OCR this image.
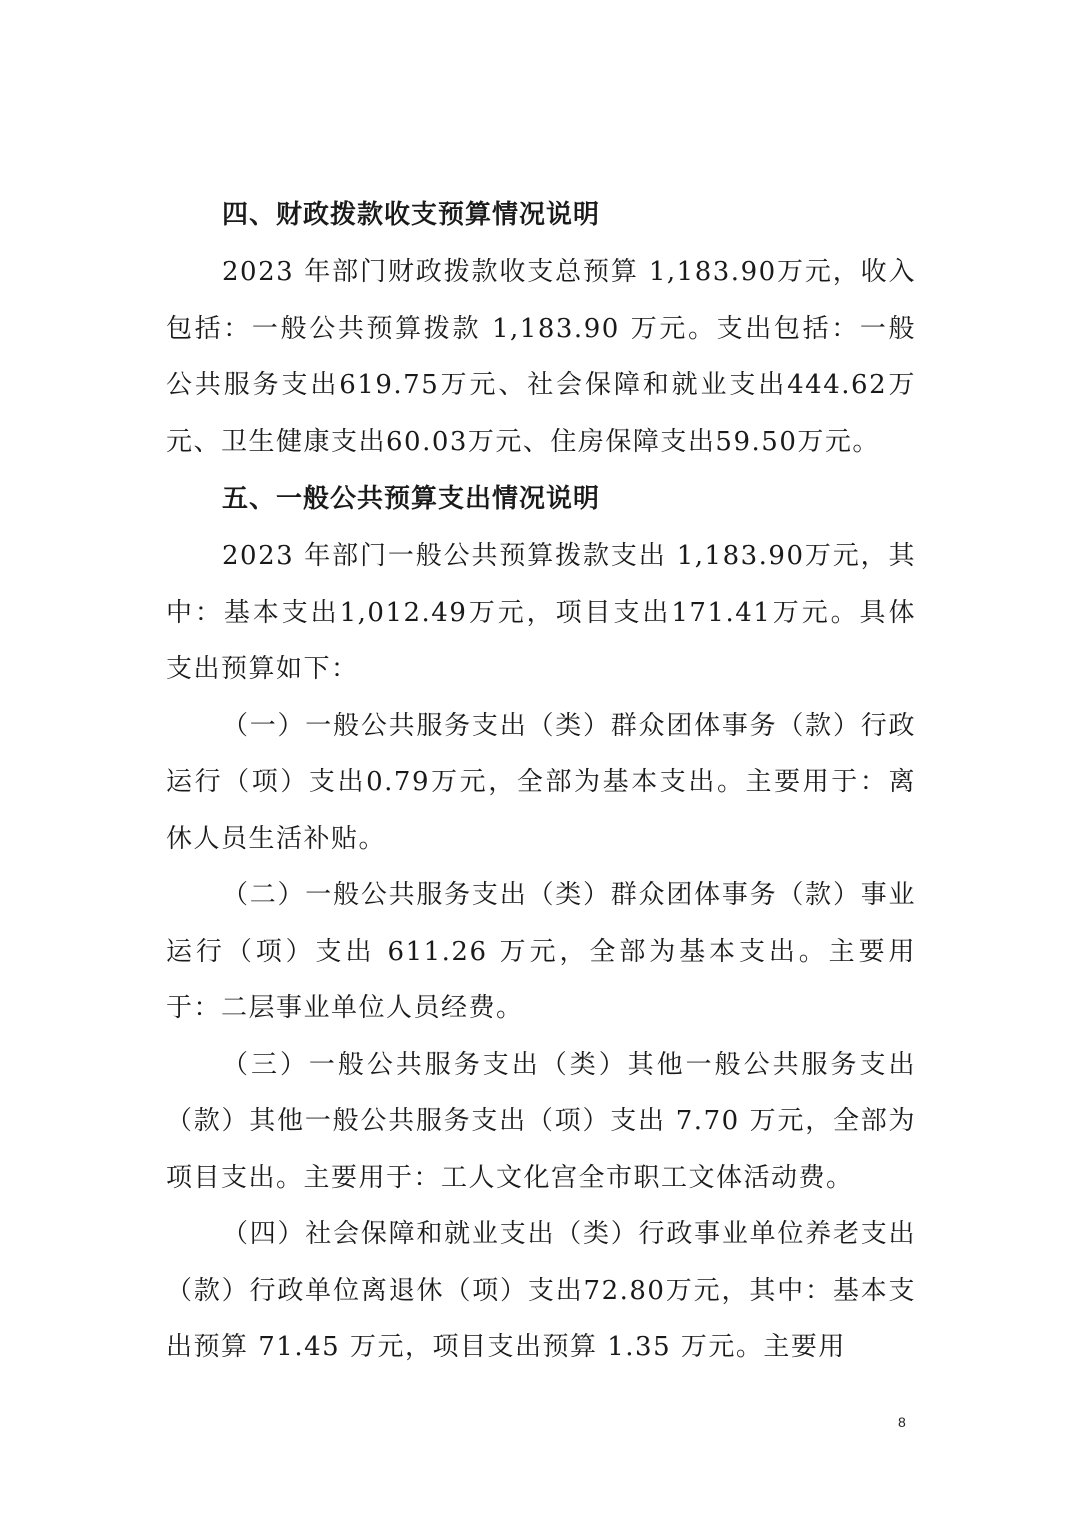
四、财政拨款收支预算情况说明

2023 年部门财政拨款收支总预算 1,183.90万元，收入包括：一般公共预算拨款 1,183.90 万元。支出包括：一般公共服务支出619.75万元、社会保障和就业支出444.62万元、卫生健康支出60.03万元、住房保障支出59.50万元。

五、一般公共预算支出情况说明

2023 年部门一般公共预算拨款支出 1,183.90万元，其中：基本支出1,012.49万元，项目支出171.41万元。具体支出预算如下：

（一）一般公共服务支出（类）群众团体事务（款）行政运行（项）支出0.79万元，全部为基本支出。主要用于：离休人员生活补贴。

（二）一般公共服务支出（类）群众团体事务（款）事业运行（项）支出 611.26 万元，全部为基本支出。主要用于：二层事业单位人员经费。

（三）一般公共服务支出（类）其他一般公共服务支出（款）其他一般公共服务支出（项）支出 7.70 万元，全部为项目支出。主要用于：工人文化宫全市职工文体活动费。

（四）社会保障和就业支出（类）行政事业单位养老支出（款）行政单位离退休（项）支出72.80万元，其中：基本支出预算 71.45 万元，项目支出预算 1.35 万元。主要用

8
